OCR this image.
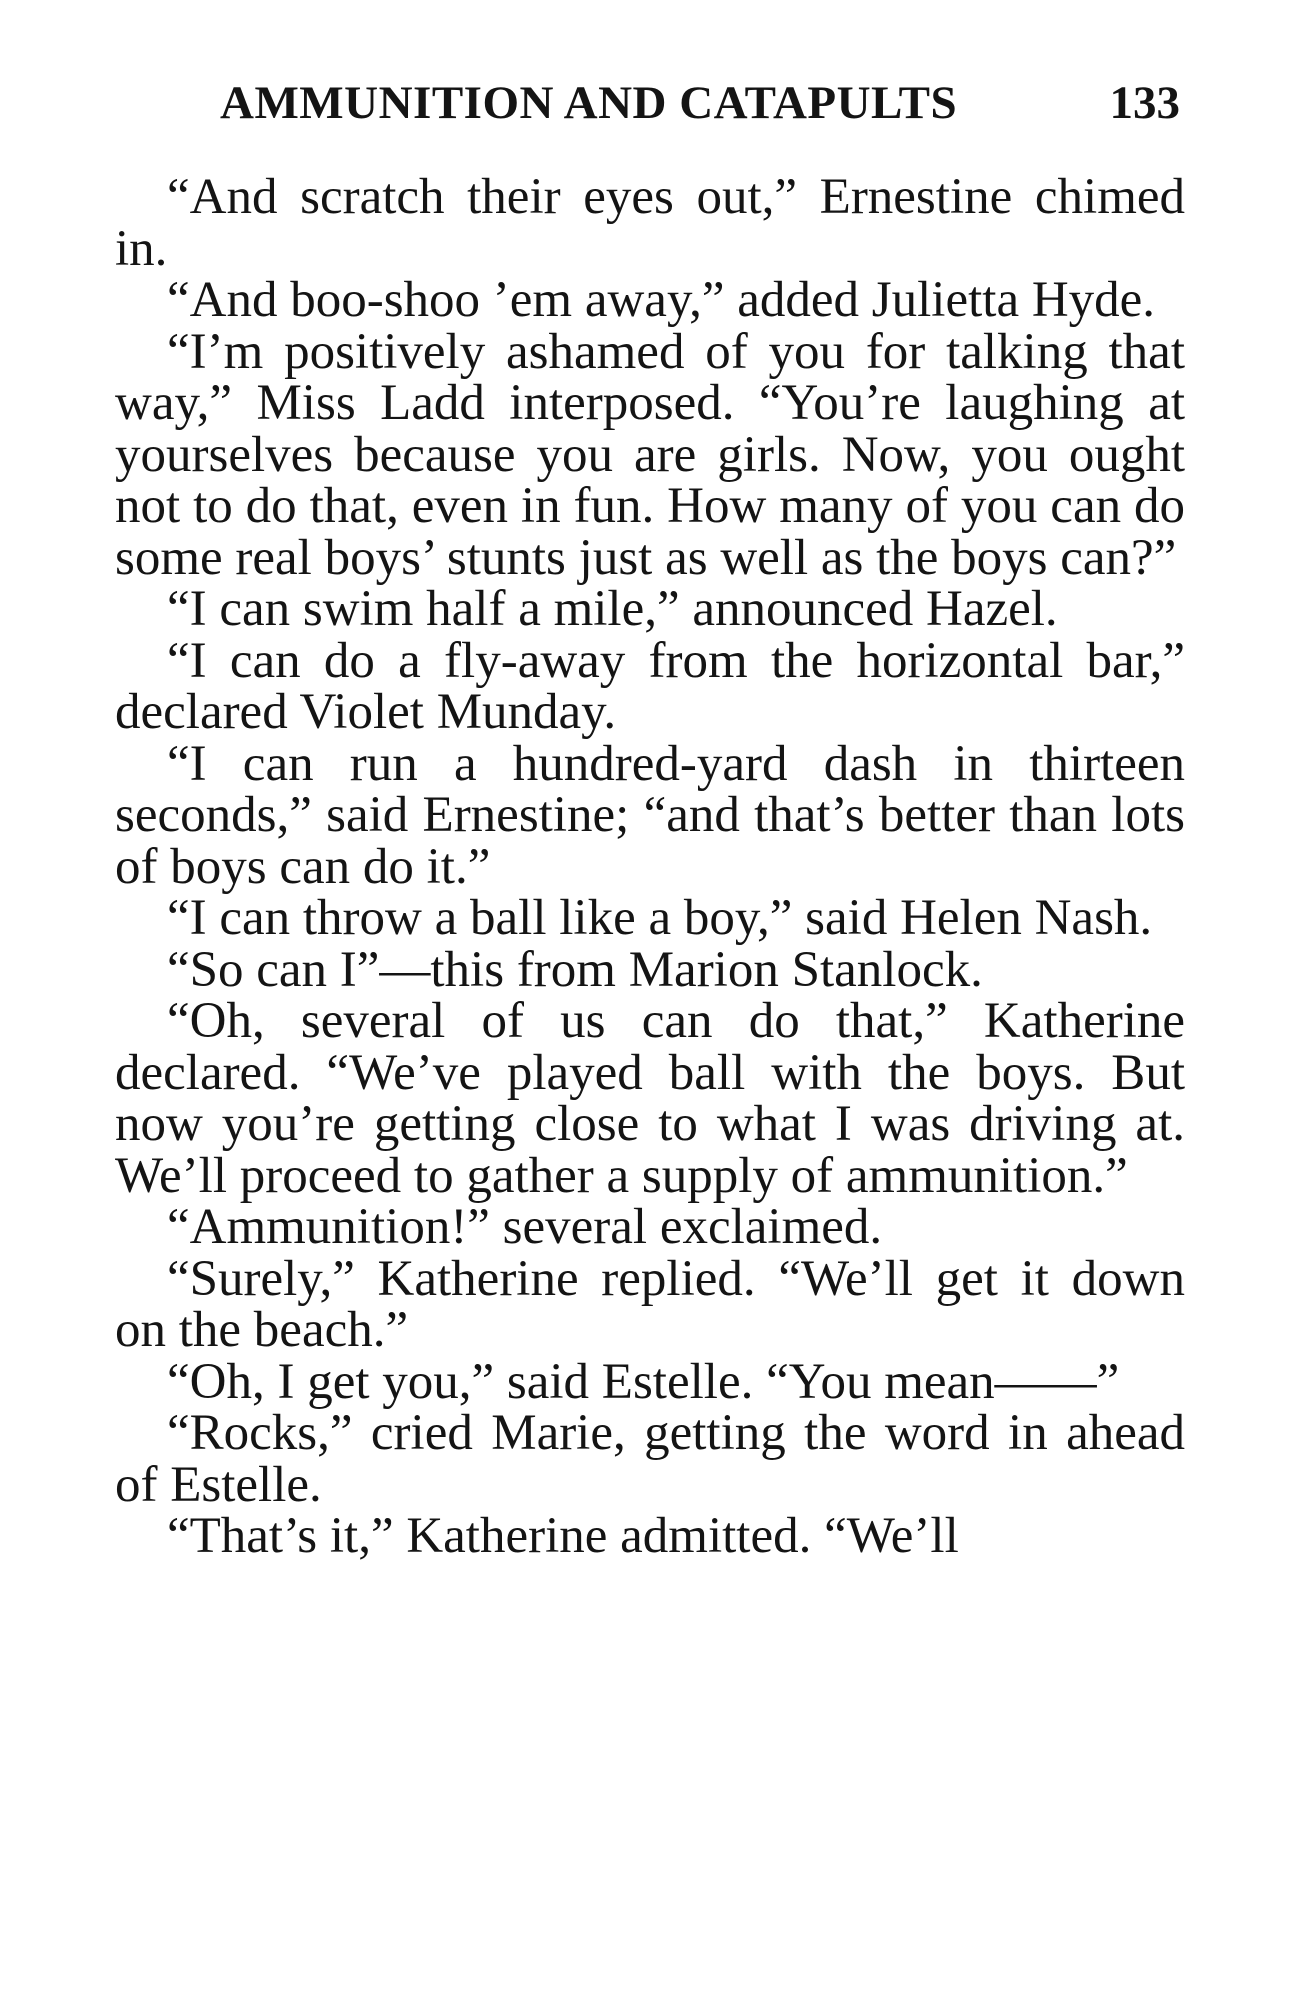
AMMUNITION AND CATAPULTS	133

“And scratch their eyes out,” Ernestine chimed in.

“And boo-shoo ’em away,” added Julietta Hyde.

“I’m positively ashamed of you for talking that way,” Miss Ladd interposed. “You’re laughing at yourselves because you are girls. Now, you ought not to do that, even in fun. How many of you can do some real boys’ stunts just as well as the boys can?”

“I can swim half a mile,” announced Hazel.

“I can do a fly-away from the horizontal bar,” declared Violet Munday.

“I can run a hundred-yard dash in thirteen seconds,” said Ernestine; “and that’s better than lots of boys can do it.”

“I can throw a ball like a boy,” said Helen Nash.

“So can I”—this from Marion Stanlock.

“Oh, several of us can do that,” Katherine declared. “We’ve played ball with the boys. But now you’re getting close to what I was driving at. We’ll proceed to gather a supply of ammunition.”

“Ammunition!” several exclaimed.

“Surely,” Katherine replied. “We’ll get it down on the beach.”

“Oh, I get you,” said Estelle. “You mean——”

“Rocks,” cried Marie, getting the word in ahead of Estelle.

“That’s it,” Katherine admitted. “We’ll
